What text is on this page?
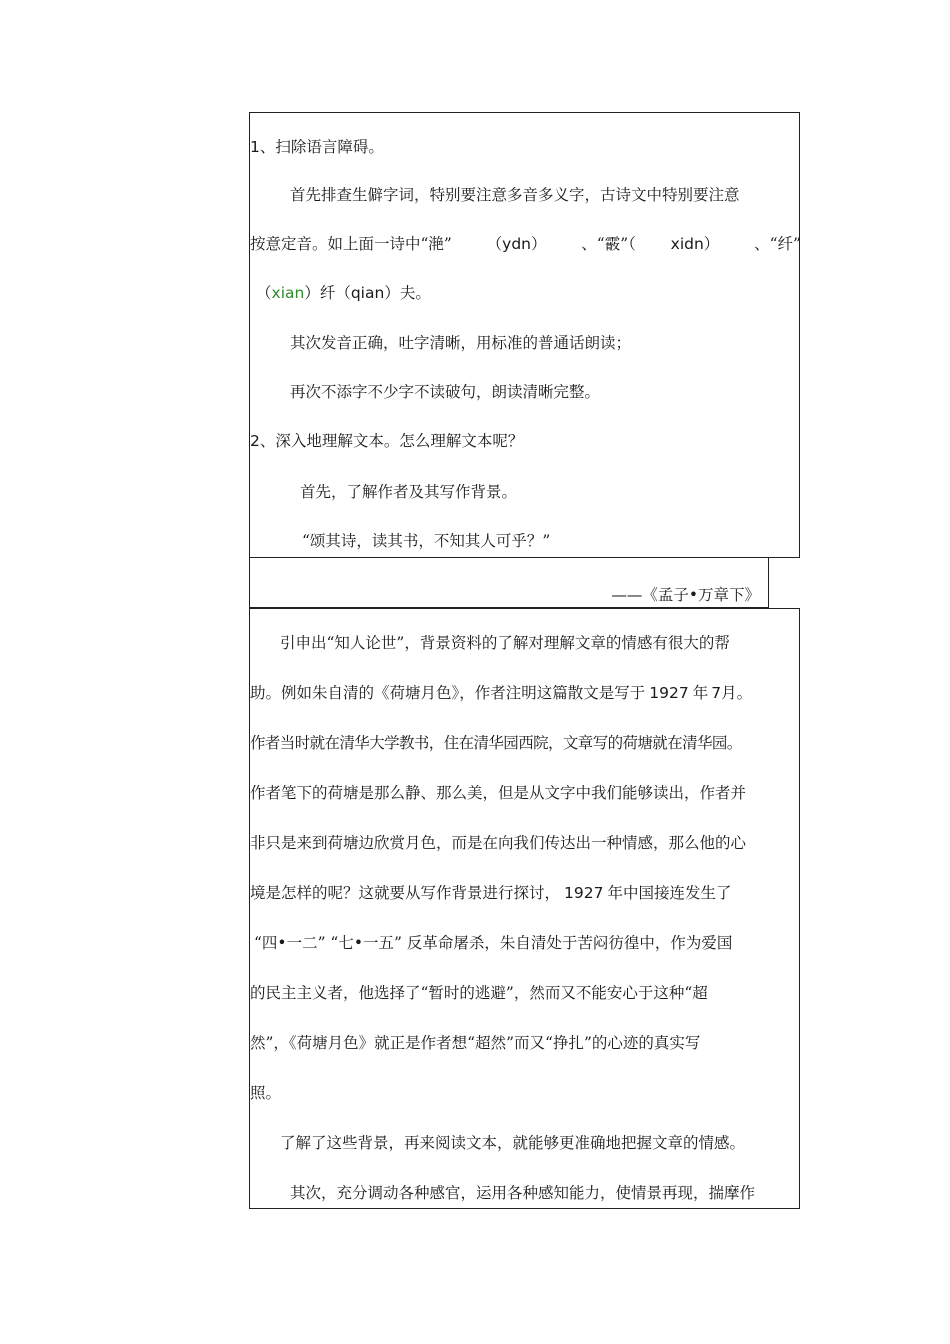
1、扫除语言障碍。
首先排查生僻字词，特别要注意多音多义字，古诗文中特别要注意
按意定音。如上面一诗中“滟” （ydn） 、“霰”（ xidn） 、“纤”
（xian）纤（qian）夫。
其次发音正确，吐字清晰，用标准的普通话朗读；
再次不添字不少字不读破句，朗读清晰完整。
2、深入地理解文本。怎么理解文本呢？
首先，了解作者及其写作背景。
“颂其诗，读其书，不知其人可乎？”
——《孟子•万章下》
引申出“知人论世”，背景资料的了解对理解文章的情感有很大的帮
助。例如朱自清的《荷塘月色》，作者注明这篇散文是写于 1927 年 7月。
作者当时就在清华大学教书，住在清华园西院，文章写的荷塘就在清华园。
作者笔下的荷塘是那么静、那么美，但是从文字中我们能够读出，作者并
非只是来到荷塘边欣赏月色，而是在向我们传达出一种情感，那么他的心
境是怎样的呢？这就要从写作背景进行探讨， 1927 年中国接连发生了
“四•一二” “七•一五” 反革命屠杀，朱自清处于苦闷彷徨中，作为爱国
的民主主义者，他选择了“暂时的逃避”，然而又不能安心于这种“超
然”，《荷塘月色》就正是作者想“超然”而又“挣扎”的心迹的真实写
照。
了解了这些背景，再来阅读文本，就能够更准确地把握文章的情感。
其次，充分调动各种感官，运用各种感知能力，使情景再现，揣摩作
